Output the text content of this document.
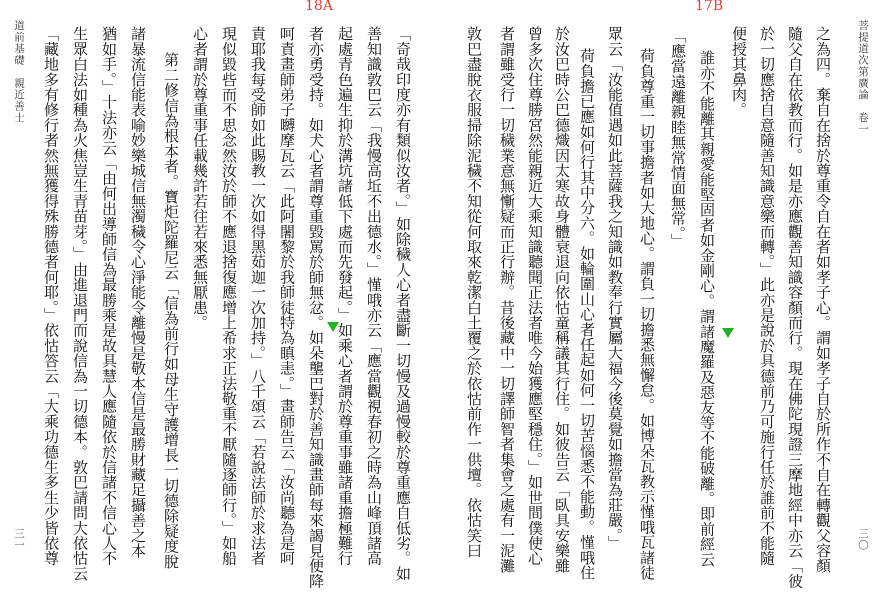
道前基礎　親近善士
三一
18A
「奇哉印度亦有類似汝者。」如除穢人心者盡斷一切慢及過慢較於尊重應自低劣。如
善知識敦巴云「我慢高坵不出德水。」慬哦亦云「應當觀視春初之時為山峰頂諸高
起處青色遍生抑於溝坑諸低下處而先發起。」如乘心者謂於尊重事雖諸重擔極難行
者亦勇受持。如犬心者謂尊重毀罵於師無忿。如朵壟巴對於善知識畫師每來謁見便降
呵責畫師弟子嚩摩瓦云「此阿闍黎於我師徒特為瞋恚。」畫師告云「汝尚聽為是呵
責耶我每受師如此賜教一次如得黑茹迦一次加持。」八千頌云「若說法師於求法者
現似毀呰而不思念然汝於師不應退捨復應增上希求正法敬重不厭隨逐師行。」如船
心者謂於尊重事任載幾許若往若來悉無厭患。
第二修信為根本者。寶炬陀羅尼云「信為前行如母生守護增長一切德除疑度脫
諸暴流信能表喻妙樂城信無濁穢令心淨能令離慢是敬本信是最勝財藏足攝善之本
猶如手。」十法亦云「由何出導師信為最勝乘是故具慧人應隨依於信諸不信心人不
生眾白法如種為火焦豈生青苗芽。」由進退門而說信為一切德本。敦巴請問大依怙云
「藏地多有修行者然無獲得殊勝德者何耶。」依怙答云「大乘功德生多生少皆依尊	菩提道次第廣論　卷一
三〇
17B
之為四。棄自在捨於尊重令自在者如孝子心。謂如孝子自於所作不自在轉觀父容顏
隨父自在依教而行。如是亦應觀善知識容顏而行。現在佛陀現證三摩地經中亦云「彼
於一切應捨自意隨善知識意樂而轉。」此亦是說於具德前乃可施行任於誰前不能隨
便授其鼻肉。
誰亦不能離其親愛能堅固者如金剛心。謂諸魔羅及惡友等不能破離。即前經云
「應當遠離親睦無常情面無常。」
荷負尊重一切事擔者如大地心。謂負一切擔悉無懈怠。如博朵瓦教示慬哦瓦諸徒
眾云「汝能值遇如此菩薩我之知識如教奉行實屬大福今後莫覺如擔當為莊嚴。」
荷負擔已應如何行其中分六。如輪圍山心者任起如何一切苦惱悉不能動。慬哦住
於汝巴時公巴德熾因太寒故身體衰退向依怙童稱議其行住。如彼告云「臥具安樂雖
曾多次住尊勝宮然能親近大乘知識聽聞正法者唯今始獲應堅穩住。」如世間僕使心
者謂雖受行一切穢業意無慚疑而正行辦。昔後藏中一切譯師智者集會之處有一泥灘
敦巴盡脫衣服掃除泥穢不知從何取來乾潔白土覆之於依怙前作一供壇。依怙笑曰
